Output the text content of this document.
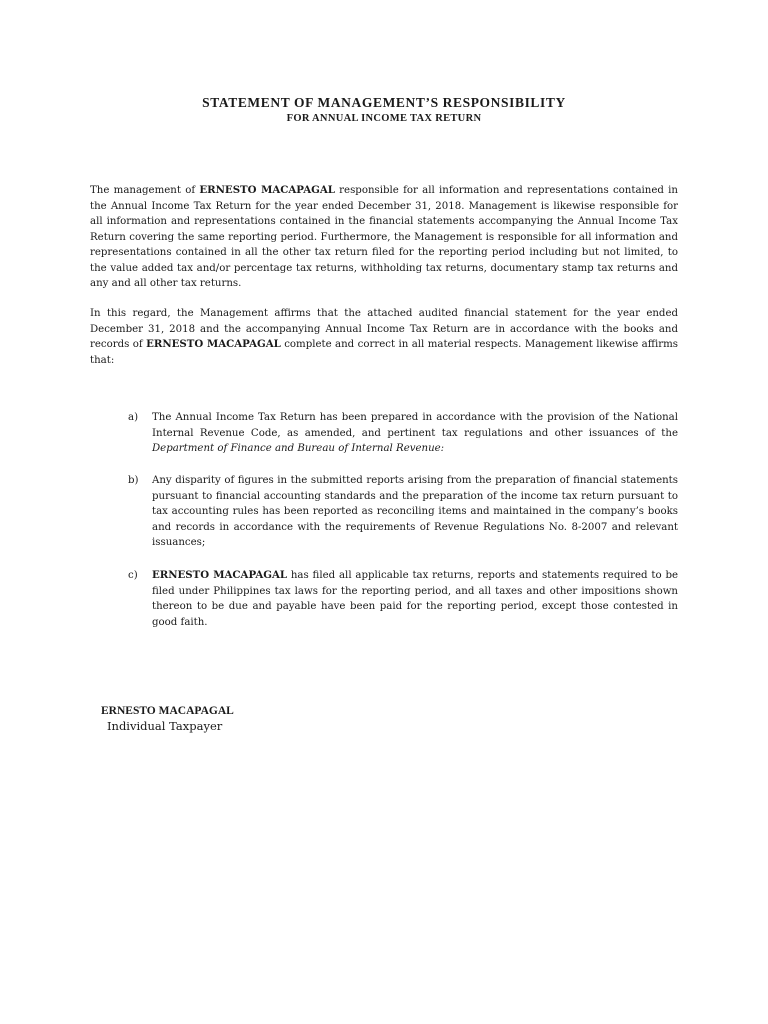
STATEMENT OF MANAGEMENT’S RESPONSIBILITY
FOR ANNUAL INCOME TAX RETURN

The management of ERNESTO MACAPAGAL responsible for all information and representations contained in the Annual Income Tax Return for the year ended December 31, 2018. Management is likewise responsible for all information and representations contained in the financial statements accompanying the Annual Income Tax Return covering the same reporting period. Furthermore, the Management is responsible for all information and representations contained in all the other tax return filed for the reporting period including but not limited, to the value added tax and/or percentage tax returns, withholding tax returns, documentary stamp tax returns and any and all other tax returns.

In this regard, the Management affirms that the attached audited financial statement for the year ended December 31, 2018 and the accompanying Annual Income Tax Return are in accordance with the books and records of ERNESTO MACAPAGAL complete and correct in all material respects. Management likewise affirms that:

a) The Annual Income Tax Return has been prepared in accordance with the provision of the National Internal Revenue Code, as amended, and pertinent tax regulations and other issuances of the Department of Finance and Bureau of Internal Revenue:
b) Any disparity of figures in the submitted reports arising from the preparation of financial statements pursuant to financial accounting standards and the preparation of the income tax return pursuant to tax accounting rules has been reported as reconciling items and maintained in the company’s books and records in accordance with the requirements of Revenue Regulations No. 8-2007 and relevant issuances;
c) ERNESTO MACAPAGAL has filed all applicable tax returns, reports and statements required to be filed under Philippines tax laws for the reporting period, and all taxes and other impositions shown thereon to be due and payable have been paid for the reporting period, except those contested in good faith.
ERNESTO MACAPAGAL
Individual Taxpayer
